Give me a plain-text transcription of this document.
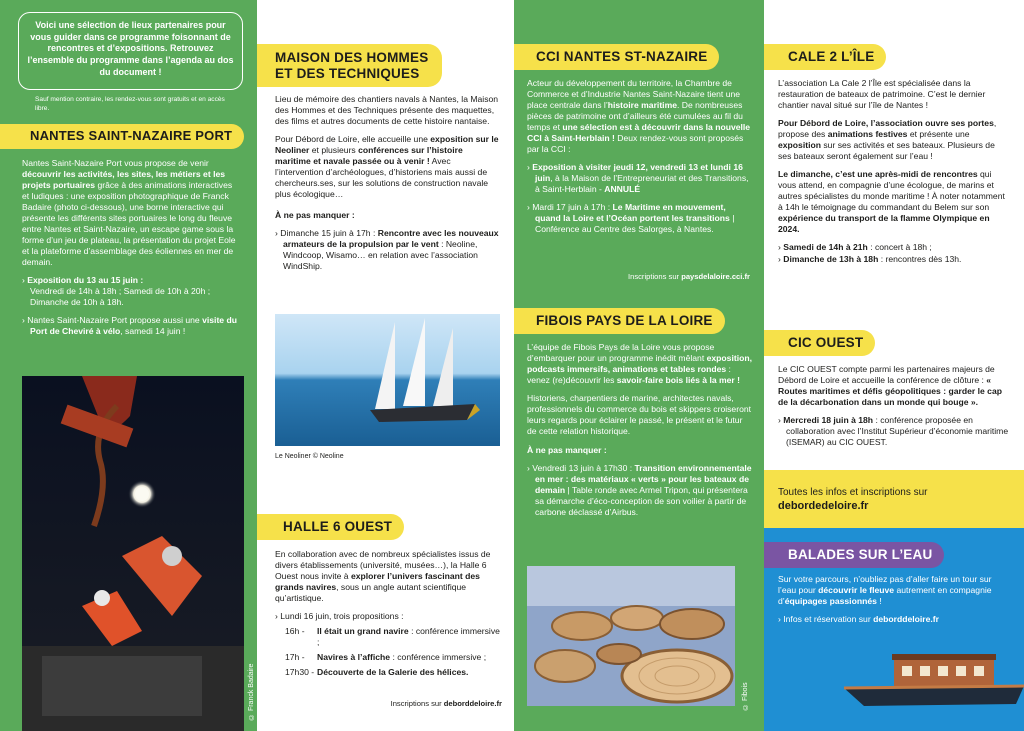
Voici une sélection de lieux partenaires pour vous guider dans ce programme foisonnant de rencontres et d’expositions. Retrouvez l’ensemble du programme dans l’agenda au dos du document !
Sauf mention contraire, les rendez-vous sont gratuits et en accès libre.
NANTES SAINT-NAZAIRE PORT

Nantes Saint-Nazaire Port vous propose de venir découvrir les activités, les sites, les métiers et les projets portuaires grâce à des animations interactives et ludiques : une exposition photographique de Franck Badaire (photo ci-dessous), une borne interactive qui présente les différents sites portuaires le long du fleuve entre Nantes et Saint-Nazaire, un escape game sous la forme d’un jeu de plateau, la présentation du projet Eole et la plateforme d’assemblage des éoliennes en mer de demain.

› Exposition du 13 au 15 juin :
Vendredi de 14h à 18h ; Samedi de 10h à 20h ; Dimanche de 10h à 18h.
› Nantes Saint-Nazaire Port propose aussi une visite du Port de Cheviré à vélo, samedi 14 juin !
© Franck Badaire
MAISON DES HOMMES
ET DES TECHNIQUES

Lieu de mémoire des chantiers navals à Nantes, la Maison des Hommes et des Techniques présente des maquettes, des films et autres documents de cette histoire nantaise.

Pour Débord de Loire, elle accueille une exposition sur le Neoliner et plusieurs conférences sur l’histoire maritime et navale passée ou à venir ! Avec l’intervention d’archéologues, d’historiens mais aussi de chercheurs.ses, sur les solutions de construction navale plus écologique…

À ne pas manquer :

› Dimanche 15 juin à 17h : Rencontre avec les nouveaux armateurs de la propulsion par le vent : Neoline, Windcoop, Wisamo… en relation avec l’association WindShip.
Le Neoliner © Neoline
HALLE 6 OUEST

En collaboration avec de nombreux spécialistes issus de divers établissements (université, musées…), la Halle 6 Ouest nous invite à explorer l’univers fascinant des grands navires, sous un angle autant scientifique qu’artistique.

› Lundi 16 juin, trois propositions :
16h -	Il était un grand navire : conférence immersive ;
17h -	Navires à l’affiche : conférence immersive ;
17h30 - Découverte de la Galerie des hélices.
Inscriptions sur deborddeloire.fr
CCI NANTES ST-NAZAIRE

Acteur du développement du territoire, la Chambre de Commerce et d’Industrie Nantes Saint-Nazaire tient une place centrale dans l’histoire maritime. De nombreuses pièces de patrimoine ont d’ailleurs été cumulées au fil du temps et une sélection est à découvrir dans la nouvelle CCI à Saint-Herblain ! Deux rendez-vous sont proposés par la CCI :

› Exposition à visiter jeudi 12, vendredi 13 et lundi 16 juin, à la Maison de l’Entrepreneuriat et des Transitions, à Saint-Herblain - ANNULÉ
› Mardi 17 juin à 17h : Le Maritime en mouvement, quand la Loire et l’Océan portent les transitions | Conférence au Centre des Salorges, à Nantes.
Inscriptions sur paysdelaloire.cci.fr
FIBOIS PAYS DE LA LOIRE

L’équipe de Fibois Pays de la Loire vous propose d’embarquer pour un programme inédit mêlant exposition, podcasts immersifs, animations et tables rondes : venez (re)découvrir les savoir-faire bois liés à la mer !

Historiens, charpentiers de marine, architectes navals, professionnels du commerce du bois et skippers croiseront leurs regards pour éclairer le passé, le présent et le futur de cette relation historique.

À ne pas manquer :

› Vendredi 13 juin à 17h30 : Transition environnementale en mer : des matériaux « verts » pour les bateaux de demain | Table ronde avec Armel Tripon, qui présentera sa démarche d’éco-conception de son voilier à partir de carbone déclassé d’Airbus.
© Fibois
CALE 2 L’ÎLE

L’association La Cale 2 l’Île est spécialisée dans la restauration de bateaux de patrimoine. C’est le dernier chantier naval situé sur l’île de Nantes !

Pour Débord de Loire, l’association ouvre ses portes, propose des animations festives et présente une exposition sur ses activités et ses bateaux. Plusieurs de ses bateaux seront également sur l’eau !

Le dimanche, c’est une après-midi de rencontres qui vous attend, en compagnie d’une écologue, de marins et autres spécialistes du monde maritime ! À noter notamment à 14h le témoignage du commandant du Belem sur son expérience du transport de la flamme Olympique en 2024.

› Samedi de 14h à 21h : concert à 18h ;
› Dimanche de 13h à 18h : rencontres dès 13h.
CIC OUEST

Le CIC OUEST compte parmi les partenaires majeurs de Débord de Loire et accueille la conférence de clôture : « Routes maritimes et défis géopolitiques : garder le cap de la décarbonation dans un monde qui bouge ».

› Mercredi 18 juin à 18h : conférence proposée en collaboration avec l’Institut Supérieur d’économie maritime (ISEMAR) au CIC OUEST.
Toutes les infos et inscriptions sur debordedeloire.fr
BALADES SUR L’EAU

Sur votre parcours, n’oubliez pas d’aller faire un tour sur l’eau pour découvrir le fleuve autrement en compagnie d’équipages passionnés !

› Infos et réservation sur deborddeloire.fr
